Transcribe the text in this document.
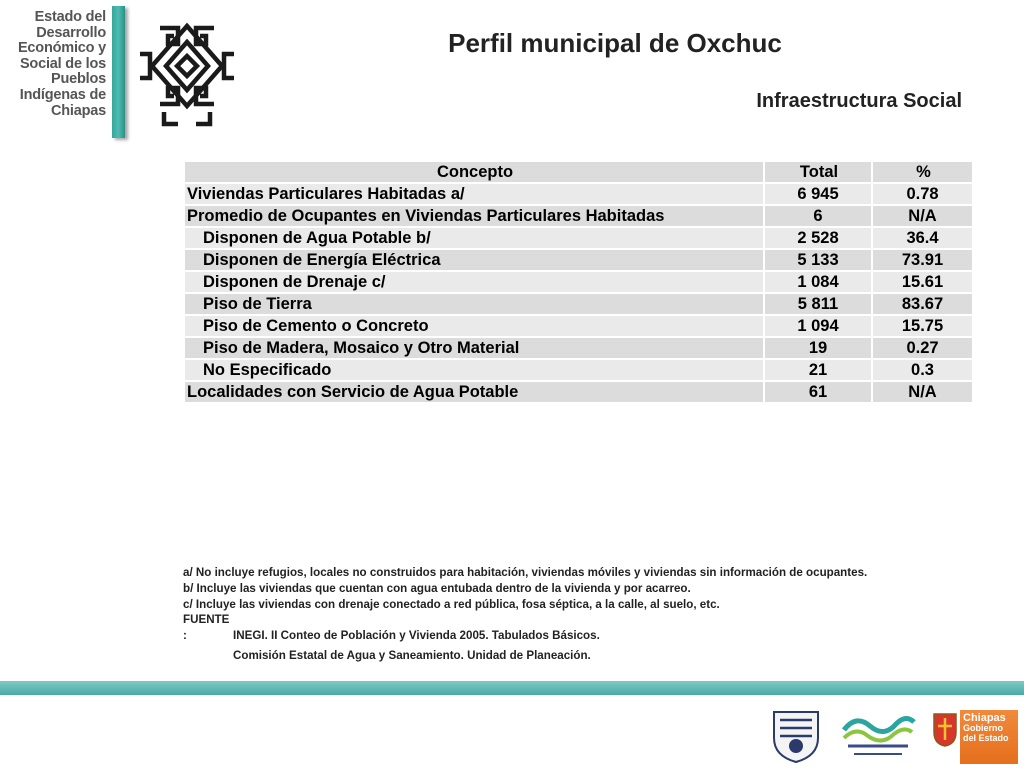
Estado del
Desarrollo
Económico y
Social de los
Pueblos
Indígenas de
Chiapas
Perfil municipal de Oxchuc
Infraestructura Social
Concepto	Total	%
Viviendas Particulares Habitadas a/	6 945	0.78
Promedio de Ocupantes en Viviendas Particulares Habitadas	6	N/A
Disponen de Agua Potable b/	2 528	36.4
Disponen de Energía Eléctrica	5 133	73.91
Disponen de Drenaje c/	1 084	15.61
Piso de Tierra	5 811	83.67
Piso de Cemento o Concreto	1 094	15.75
Piso de Madera, Mosaico y Otro Material	19	0.27
No Especificado	21	0.3
Localidades con Servicio de Agua Potable	61	N/A
a/ No incluye refugios, locales no construidos para habitación, viviendas móviles y viviendas sin información de ocupantes.
b/ Incluye las viviendas que cuentan con agua entubada dentro de la vivienda y por acarreo.
c/ Incluye las viviendas con drenaje conectado a red pública, fosa séptica, a la calle, al suelo, etc.
FUENTE
:	INEGI. II Conteo de Población y Vivienda 2005. Tabulados Básicos.
Comisión Estatal de Agua y Saneamiento. Unidad de Planeación.
Chiapas
Gobierno
del Estado
